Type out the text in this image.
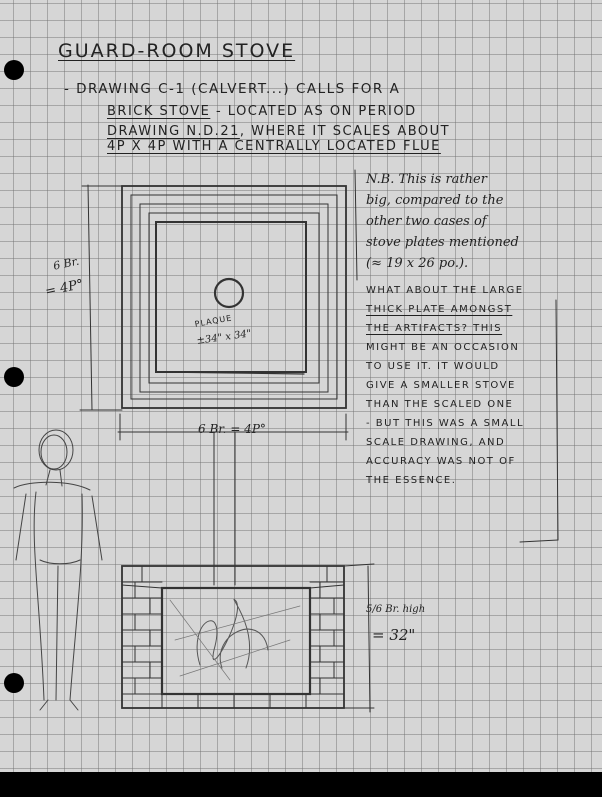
GUARD-ROOM STOVE
- DRAWING C-1 (CALVERT...) CALLS FOR A
BRICK STOVE - LOCATED AS ON PERIOD
DRAWING N.D.21, WHERE IT SCALES ABOUT
4P X 4P WITH A CENTRALLY LOCATED FLUE
N.B. This is rather
big, compared to the
other two cases of
stove plates mentioned
(≈ 19 x 26 po.).
WHAT ABOUT THE LARGE
THICK PLATE AMONGST
THE ARTIFACTS? THIS
MIGHT BE AN OCCASION
TO USE IT. IT WOULD
GIVE A SMALLER STOVE
THAN THE SCALED ONE
- BUT THIS WAS A SMALL
SCALE DRAWING, AND
ACCURACY WAS NOT OF
THE ESSENCE.
6 Br.
= 4P°
6 Br. = 4P°
PLAQUE
±34" x 34"
5/6 Br. high
= 32"
